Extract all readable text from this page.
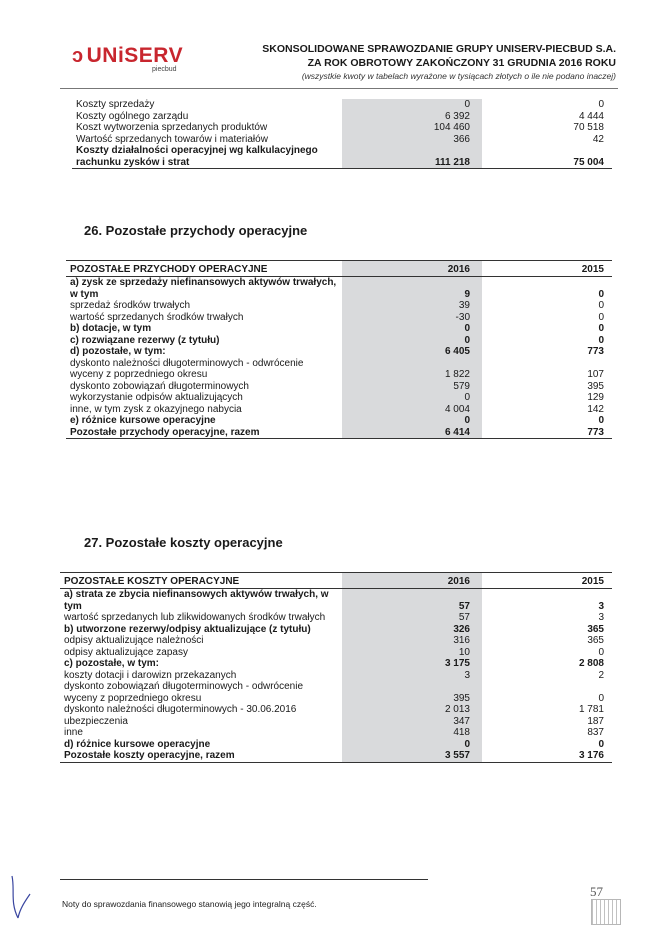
ↄ UNiSERV
piecbud
SKONSOLIDOWANE SPRAWOZDANIE GRUPY UNISERV-PIECBUD S.A.
ZA ROK OBROTOWY ZAKOŃCZONY 31 GRUDNIA 2016 ROKU
(wszystkie kwoty w tabelach wyrażone w tysiącach złotych o ile nie podano inaczej)
Koszty sprzedaży	0	0
Koszty ogólnego zarządu	6 392	4 444
Koszt wytworzenia sprzedanych produktów	104 460	70 518
Wartość sprzedanych towarów i materiałów	366	42
Koszty działalności operacyjnej wg kalkulacyjnego rachunku zysków i strat	111 218	75 004
26. Pozostałe przychody operacyjne
POZOSTAŁE PRZYCHODY OPERACYJNE	2016	2015
a) zysk ze sprzedaży niefinansowych aktywów trwałych, w tym	9	0
sprzedaż środków trwałych	39	0
wartość sprzedanych środków trwałych	-30	0
b) dotacje, w tym	0	0
c) rozwiązane rezerwy (z tytułu)	0	0
d) pozostałe, w tym:	6 405	773
dyskonto należności długoterminowych - odwrócenie wyceny z poprzedniego okresu	1 822	107
dyskonto zobowiązań długoterminowych	579	395
wykorzystanie odpisów aktualizujących	0	129
inne, w tym zysk z okazyjnego nabycia	4 004	142
e) różnice kursowe operacyjne	0	0
Pozostałe przychody operacyjne, razem	6 414	773
27. Pozostałe koszty operacyjne
POZOSTAŁE KOSZTY OPERACYJNE	2016	2015
a) strata ze zbycia niefinansowych aktywów trwałych, w tym	57	3
wartość sprzedanych lub zlikwidowanych środków trwałych	57	3
b) utworzone rezerwy/odpisy aktualizujące (z tytułu)	326	365
odpisy aktualizujące należności	316	365
odpisy aktualizujące zapasy	10	0
c) pozostałe, w tym:	3 175	2 808
koszty dotacji i darowizn przekazanych	3	2
dyskonto zobowiązań długoterminowych - odwrócenie wyceny z poprzedniego okresu	395	0
dyskonto należności długoterminowych - 30.06.2016	2 013	1 781
ubezpieczenia	347	187
inne	418	837
d) różnice kursowe operacyjne	0	0
Pozostałe koszty operacyjne, razem	3 557	3 176
Noty do sprawozdania finansowego stanowią jego integralną część.
57
